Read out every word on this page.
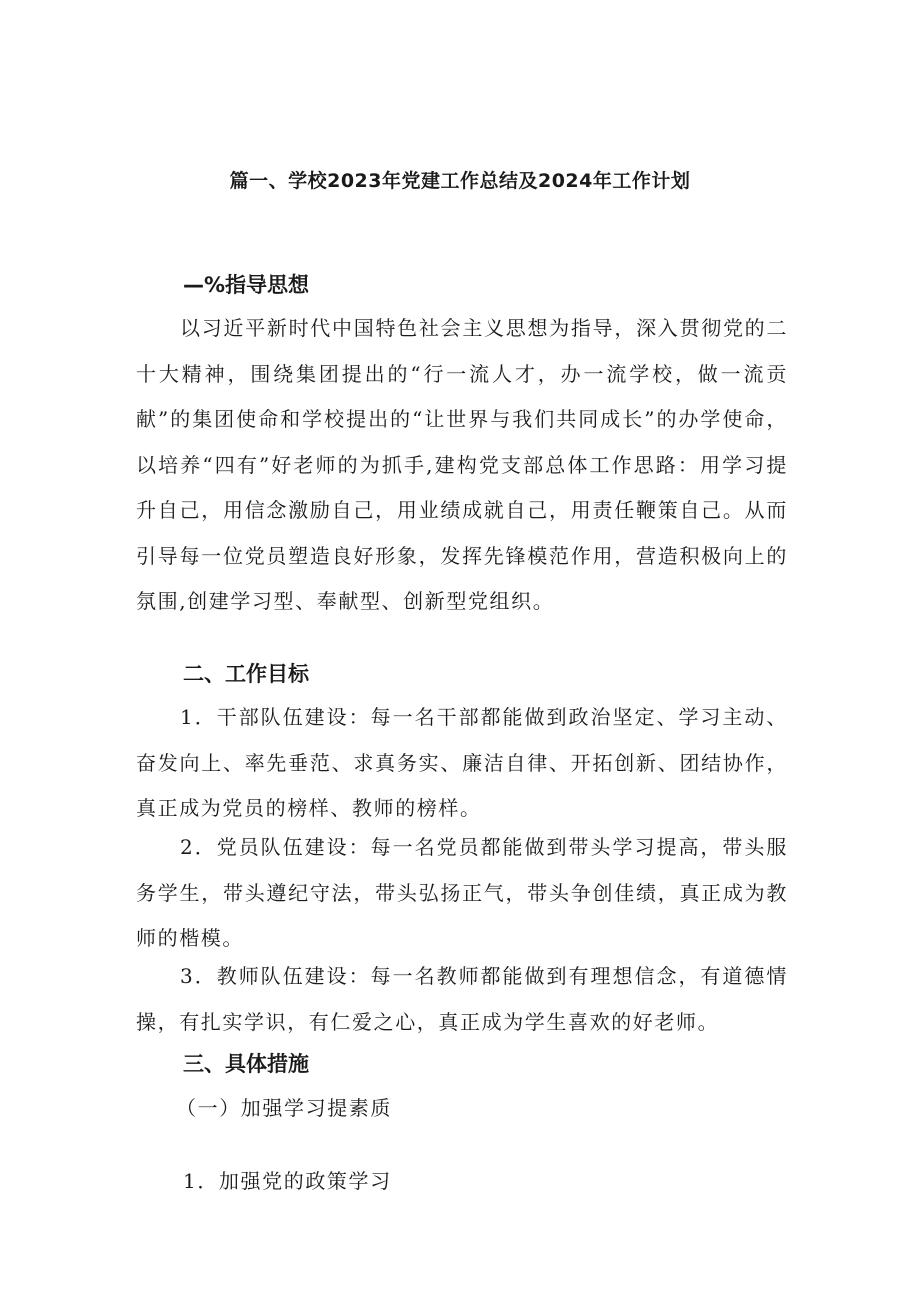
篇一、学校2023年党建工作总结及2024年工作计划
—%指导思想
以习近平新时代中国特色社会主义思想为指导，深入贯彻党的二十大精神，围绕集团提出的“行一流人才，办一流学校，做一流贡献”的集团使命和学校提出的“让世界与我们共同成长”的办学使命，以培养“四有”好老师的为抓手,建构党支部总体工作思路：用学习提升自己，用信念激励自己，用业绩成就自己，用责任鞭策自己。从而引导每一位党员塑造良好形象，发挥先锋模范作用，营造积极向上的氛围,创建学习型、奉献型、创新型党组织。
二、工作目标
1．干部队伍建设：每一名干部都能做到政治坚定、学习主动、奋发向上、率先垂范、求真务实、廉洁自律、开拓创新、团结协作，真正成为党员的榜样、教师的榜样。
2．党员队伍建设：每一名党员都能做到带头学习提高，带头服务学生，带头遵纪守法，带头弘扬正气，带头争创佳绩，真正成为教师的楷模。
3．教师队伍建设：每一名教师都能做到有理想信念，有道德情操，有扎实学识，有仁爱之心，真正成为学生喜欢的好老师。
三、具体措施
（一）加强学习提素质
1．加强党的政策学习
